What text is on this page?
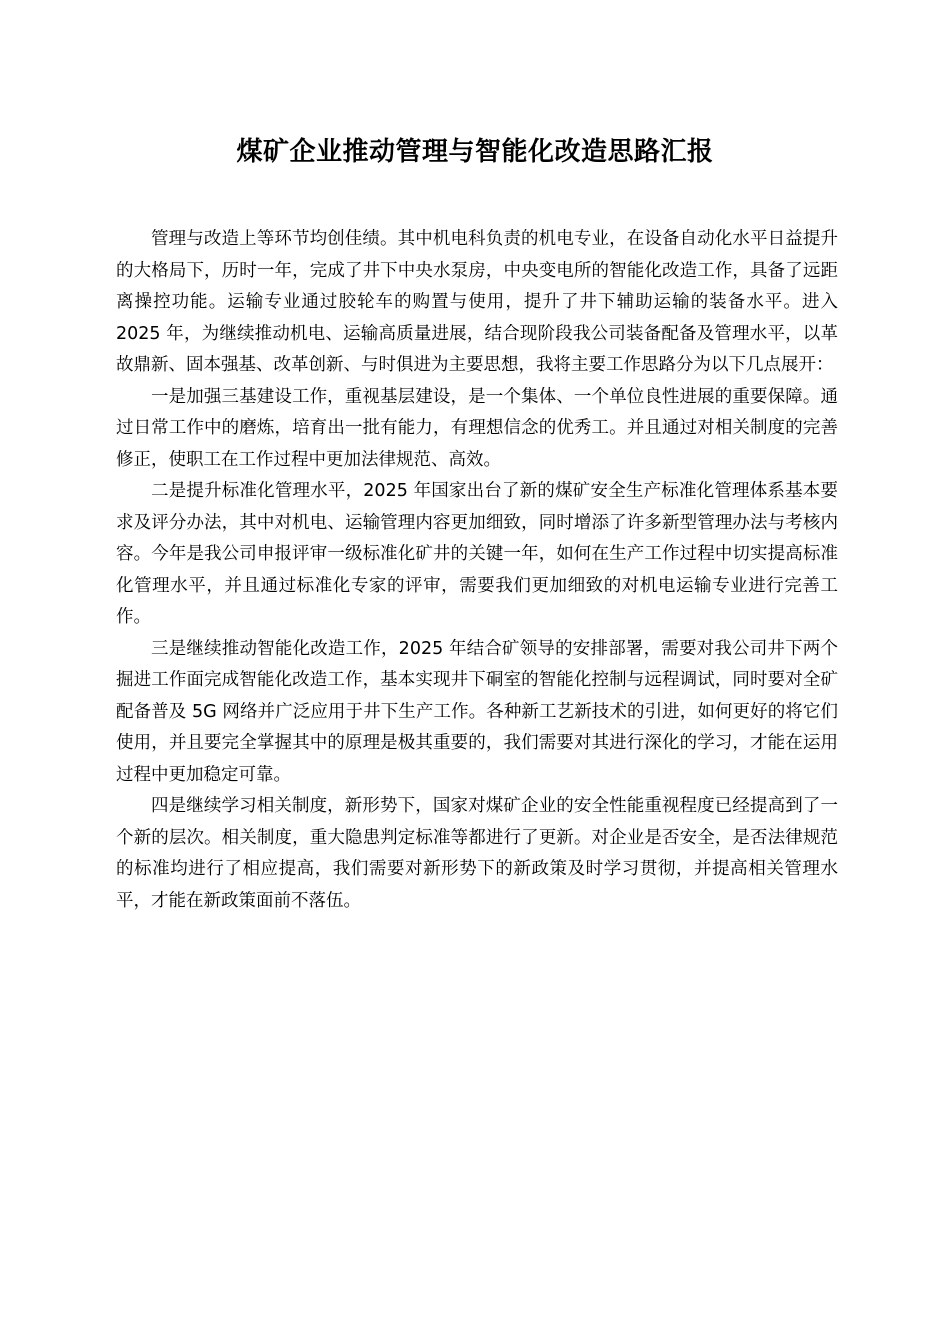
煤矿企业推动管理与智能化改造思路汇报

管理与改造上等环节均创佳绩。其中机电科负责的机电专业，在设备自动化水平日益提升的大格局下，历时一年，完成了井下中央水泵房，中央变电所的智能化改造工作，具备了远距离操控功能。运输专业通过胶轮车的购置与使用，提升了井下辅助运输的装备水平。进入 2025 年，为继续推动机电、运输高质量进展，结合现阶段我公司装备配备及管理水平，以革故鼎新、固本强基、改革创新、与时俱进为主要思想，我将主要工作思路分为以下几点展开：

一是加强三基建设工作，重视基层建设，是一个集体、一个单位良性进展的重要保障。通过日常工作中的磨炼，培育出一批有能力，有理想信念的优秀工。并且通过对相关制度的完善修正，使职工在工作过程中更加法律规范、高效。

二是提升标准化管理水平，2025 年国家出台了新的煤矿安全生产标准化管理体系基本要求及评分办法，其中对机电、运输管理内容更加细致，同时增添了许多新型管理办法与考核内容。今年是我公司申报评审一级标准化矿井的关键一年，如何在生产工作过程中切实提高标准化管理水平，并且通过标准化专家的评审，需要我们更加细致的对机电运输专业进行完善工作。

三是继续推动智能化改造工作，2025 年结合矿领导的安排部署，需要对我公司井下两个掘进工作面完成智能化改造工作，基本实现井下硐室的智能化控制与远程调试，同时要对全矿配备普及 5G 网络并广泛应用于井下生产工作。各种新工艺新技术的引进，如何更好的将它们使用，并且要完全掌握其中的原理是极其重要的，我们需要对其进行深化的学习，才能在运用过程中更加稳定可靠。

四是继续学习相关制度，新形势下，国家对煤矿企业的安全性能重视程度已经提高到了一个新的层次。相关制度，重大隐患判定标准等都进行了更新。对企业是否安全，是否法律规范的标准均进行了相应提高，我们需要对新形势下的新政策及时学习贯彻，并提高相关管理水平，才能在新政策面前不落伍。
